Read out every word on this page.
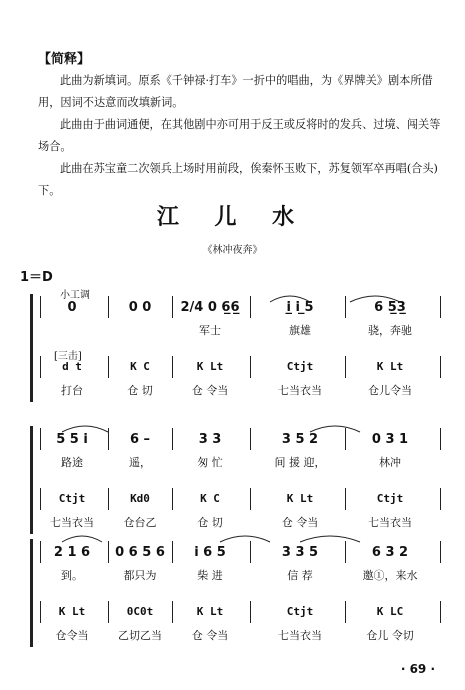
【简释】

此曲为新填词。原系《千钟禄·打车》一折中的唱曲，为《界牌关》剧本所借用，因词不达意而改填新词。

此曲由于曲词通便，在其他剧中亦可用于反王或反将时的发兵、过境、闯关等场合。

此曲在苏宝童二次领兵上场时用前段，俟秦怀玉败下，苏复领军卒再唱(合头)下。

江 儿 水
《林冲夜奔》
1＝D
小工调
[三击]
0	0 0	2/4 0 6̲6̲	i̲ i ̲5	6 5̲3̲
军士	旗雄	骁，奔驰
d t	K C	K Lt	Ctjt	K Lt
打台	仓 切	仓 令当	七当衣当	仓儿令当
5 5 i	6 –	3 3	3 5 2	0 3 1
路途	遥，	匆 忙	间 援 迎，	林冲
Ctjt	Kd0	K C	K Lt	Ctjt
七当衣当	仓台乙	仓 切	仓 令当	七当衣当
2 1 6	0 6 5 6	i 6 5	3 3 5	6 3 2
到。	都只为	柴 进	信 荐	邀①，来水
K Lt	0C0t	K Lt	Ctjt	K LC
仓令当	乙切乙当	仓 令当	七当衣当	仓儿 令切
· 69 ·
